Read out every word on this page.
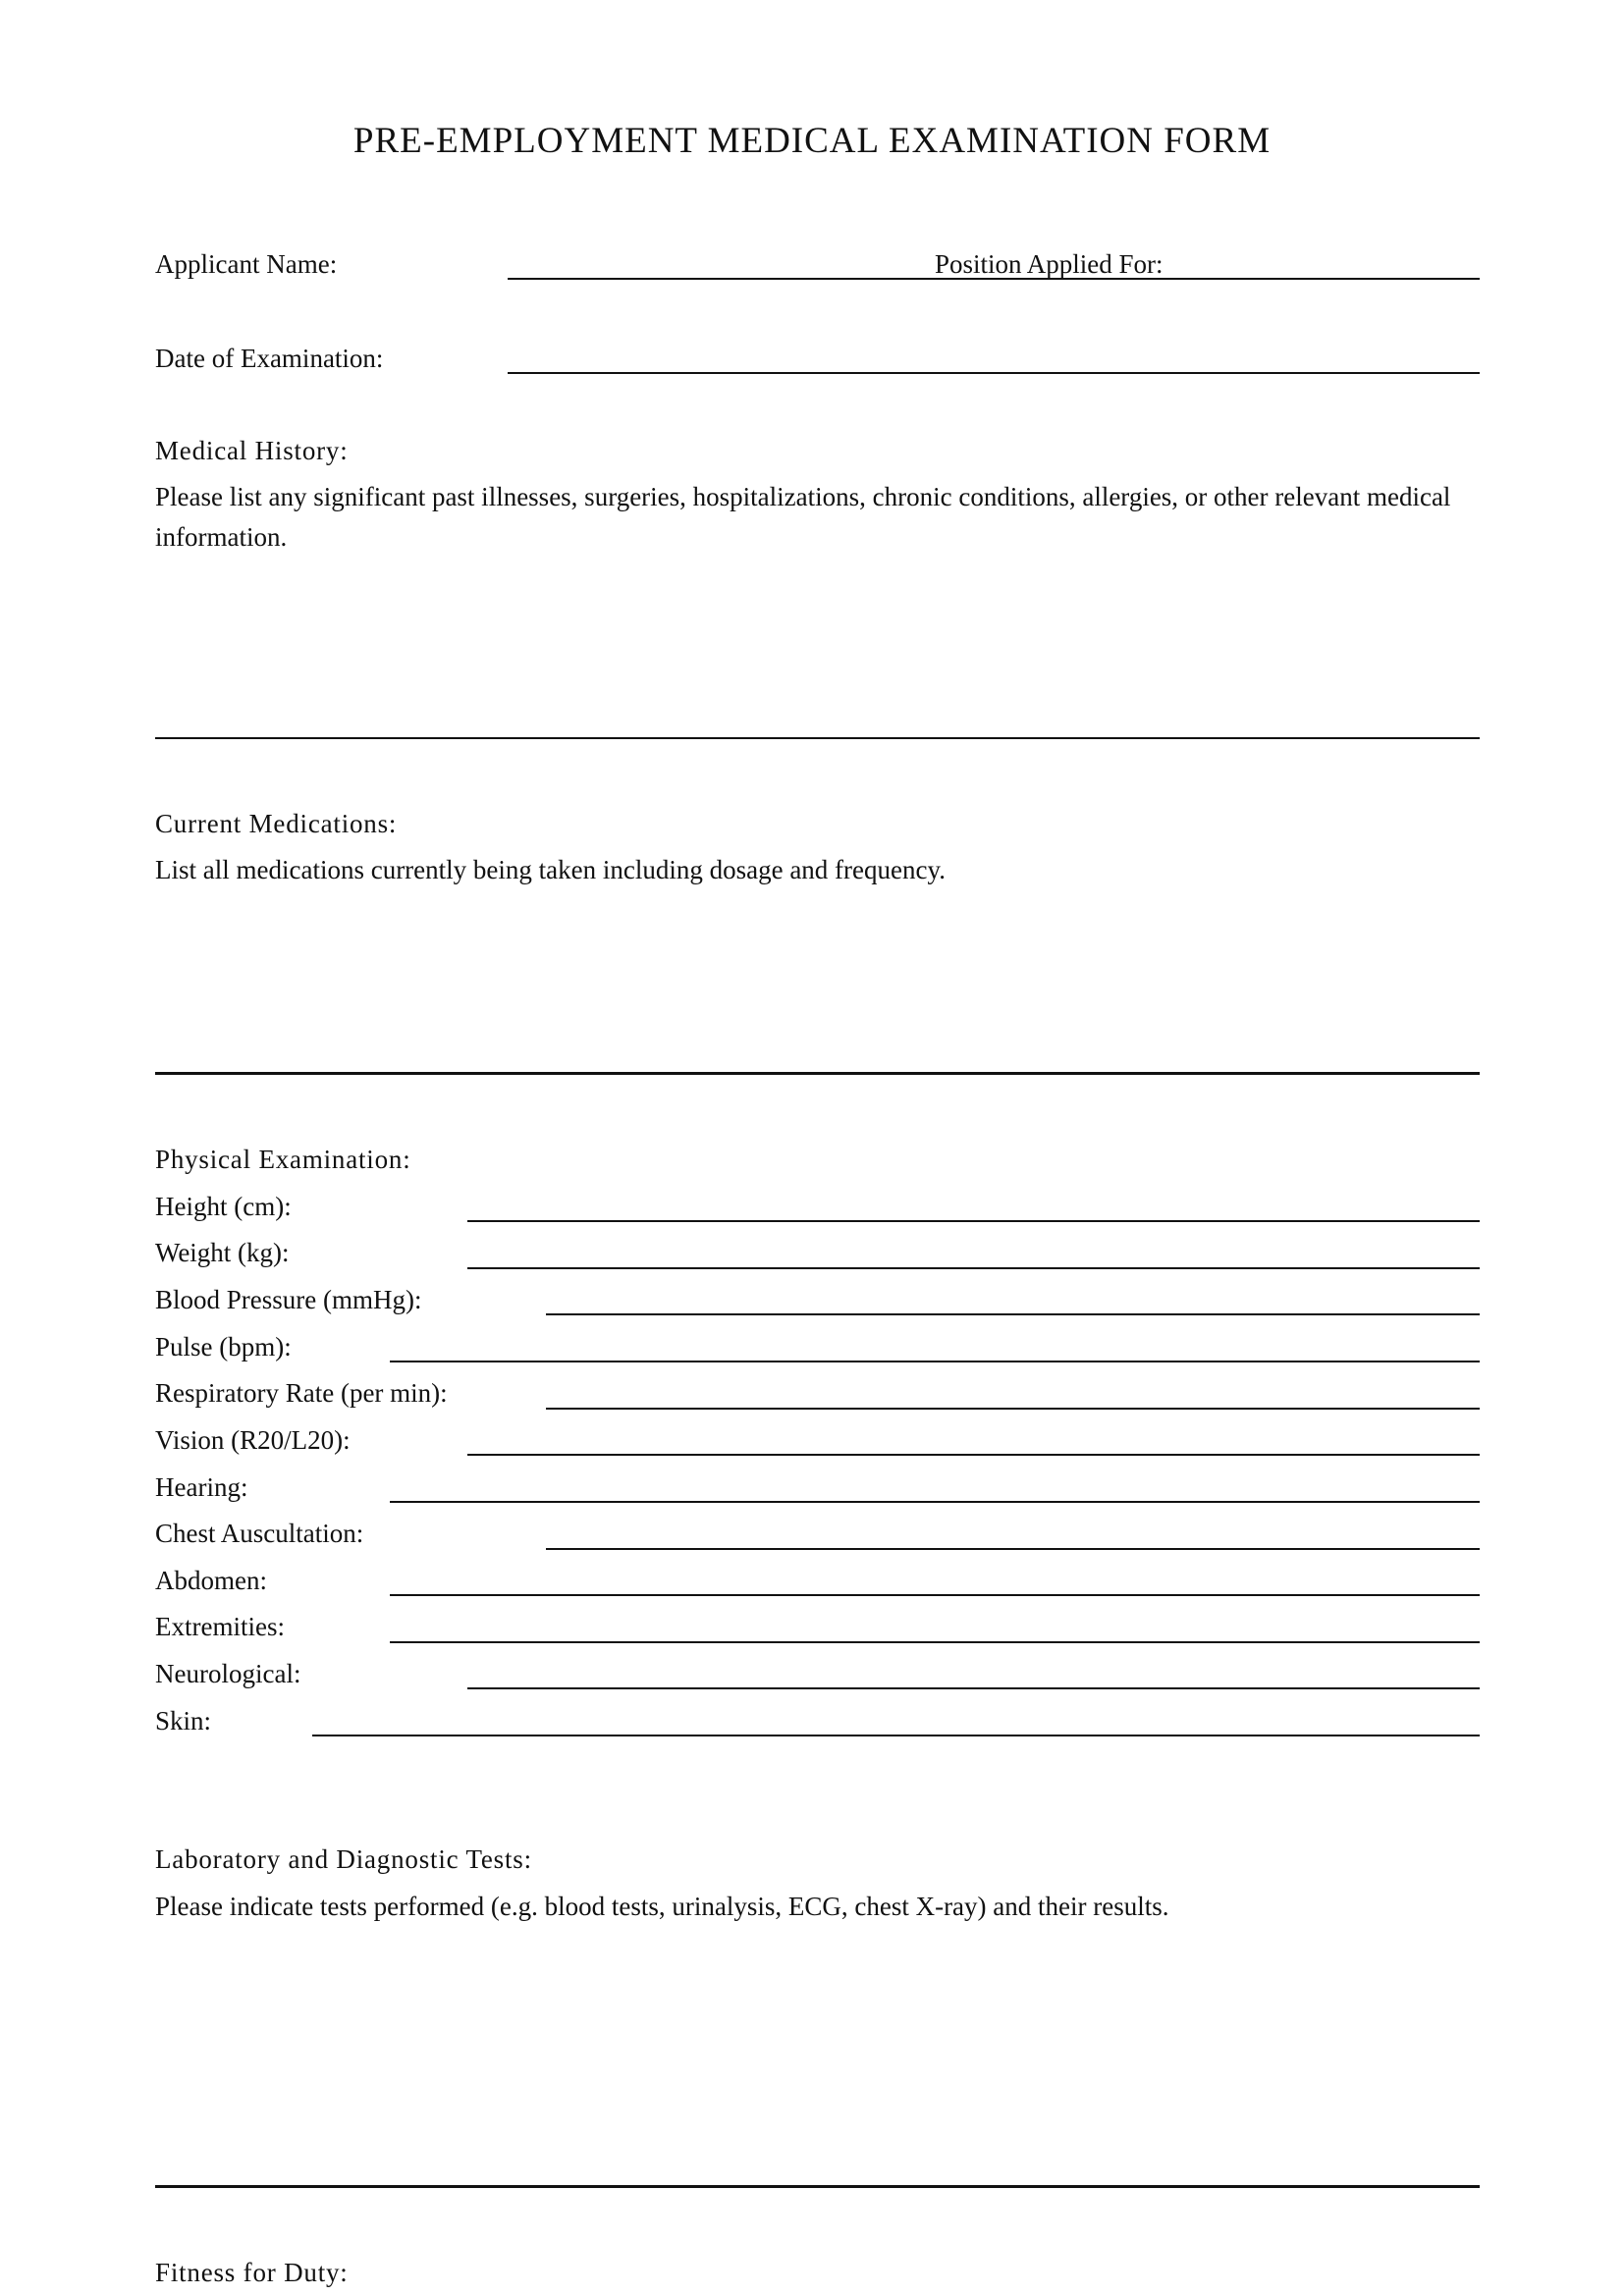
PRE-EMPLOYMENT MEDICAL EXAMINATION FORM
Applicant Name:	Position Applied For:
Date of Examination:
Medical History:
Please list any significant past illnesses, surgeries, hospitalizations, chronic conditions, allergies, or other relevant medical information.
Current Medications:
List all medications currently being taken including dosage and frequency.
Physical Examination:
Height (cm):
Weight (kg):
Blood Pressure (mmHg):
Pulse (bpm):
Respiratory Rate (per min):
Vision (R20/L20):
Hearing:
Chest Auscultation:
Abdomen:
Extremities:
Neurological:
Skin:
Laboratory and Diagnostic Tests:
Please indicate tests performed (e.g. blood tests, urinalysis, ECG, chest X-ray) and their results.
Fitness for Duty:
